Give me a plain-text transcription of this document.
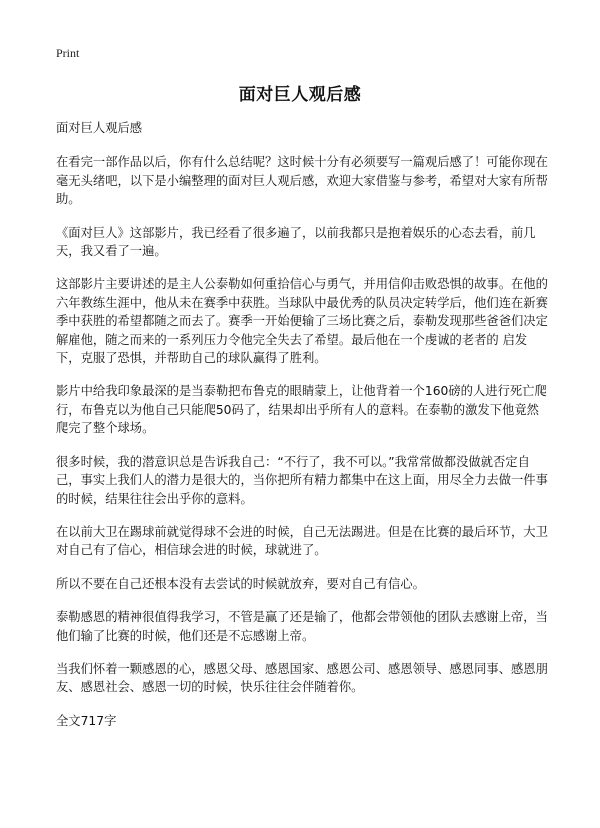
Print
面对巨人观后感

面对巨人观后感

在看完一部作品以后，你有什么总结呢？这时候十分有必须要写一篇观后感了！可能你现在毫无头绪吧，以下是小编整理的面对巨人观后感，欢迎大家借鉴与参考，希望对大家有所帮助。

《面对巨人》这部影片，我已经看了很多遍了，以前我都只是抱着娱乐的心态去看，前几天，我又看了一遍。

这部影片主要讲述的是主人公泰勒如何重拾信心与勇气，并用信仰击败恐惧的故事。在他的六年教练生涯中，他从未在赛季中获胜。当球队中最优秀的队员决定转学后，他们连在新赛季中获胜的希望都随之而去了。赛季一开始便输了三场比赛之后，泰勒发现那些爸爸们决定解雇他，随之而来的一系列压力令他完全失去了希望。最后他在一个虔诚的老者的 启发下，克服了恐惧，并帮助自己的球队赢得了胜利。

影片中给我印象最深的是当泰勒把布鲁克的眼睛蒙上，让他背着一个160磅的人进行死亡爬行，布鲁克以为他自己只能爬50码了，结果却出乎所有人的意料。在泰勒的激发下他竟然爬完了整个球场。

很多时候，我的潜意识总是告诉我自己：“不行了，我不可以。”我常常做都没做就否定自己，事实上我们人的潜力是很大的，当你把所有精力都集中在这上面，用尽全力去做一件事的时候，结果往往会出乎你的意料。

在以前大卫在踢球前就觉得球不会进的时候，自己无法踢进。但是在比赛的最后环节，大卫对自己有了信心，相信球会进的时候，球就进了。

所以不要在自己还根本没有去尝试的时候就放弃，要对自己有信心。

泰勒感恩的精神很值得我学习，不管是赢了还是输了，他都会带领他的团队去感谢上帝，当他们输了比赛的时候，他们还是不忘感谢上帝。

当我们怀着一颗感恩的心，感恩父母、感恩国家、感恩公司、感恩领导、感恩同事、感恩朋友、感恩社会、感恩一切的时候，快乐往往会伴随着你。

全文717字
